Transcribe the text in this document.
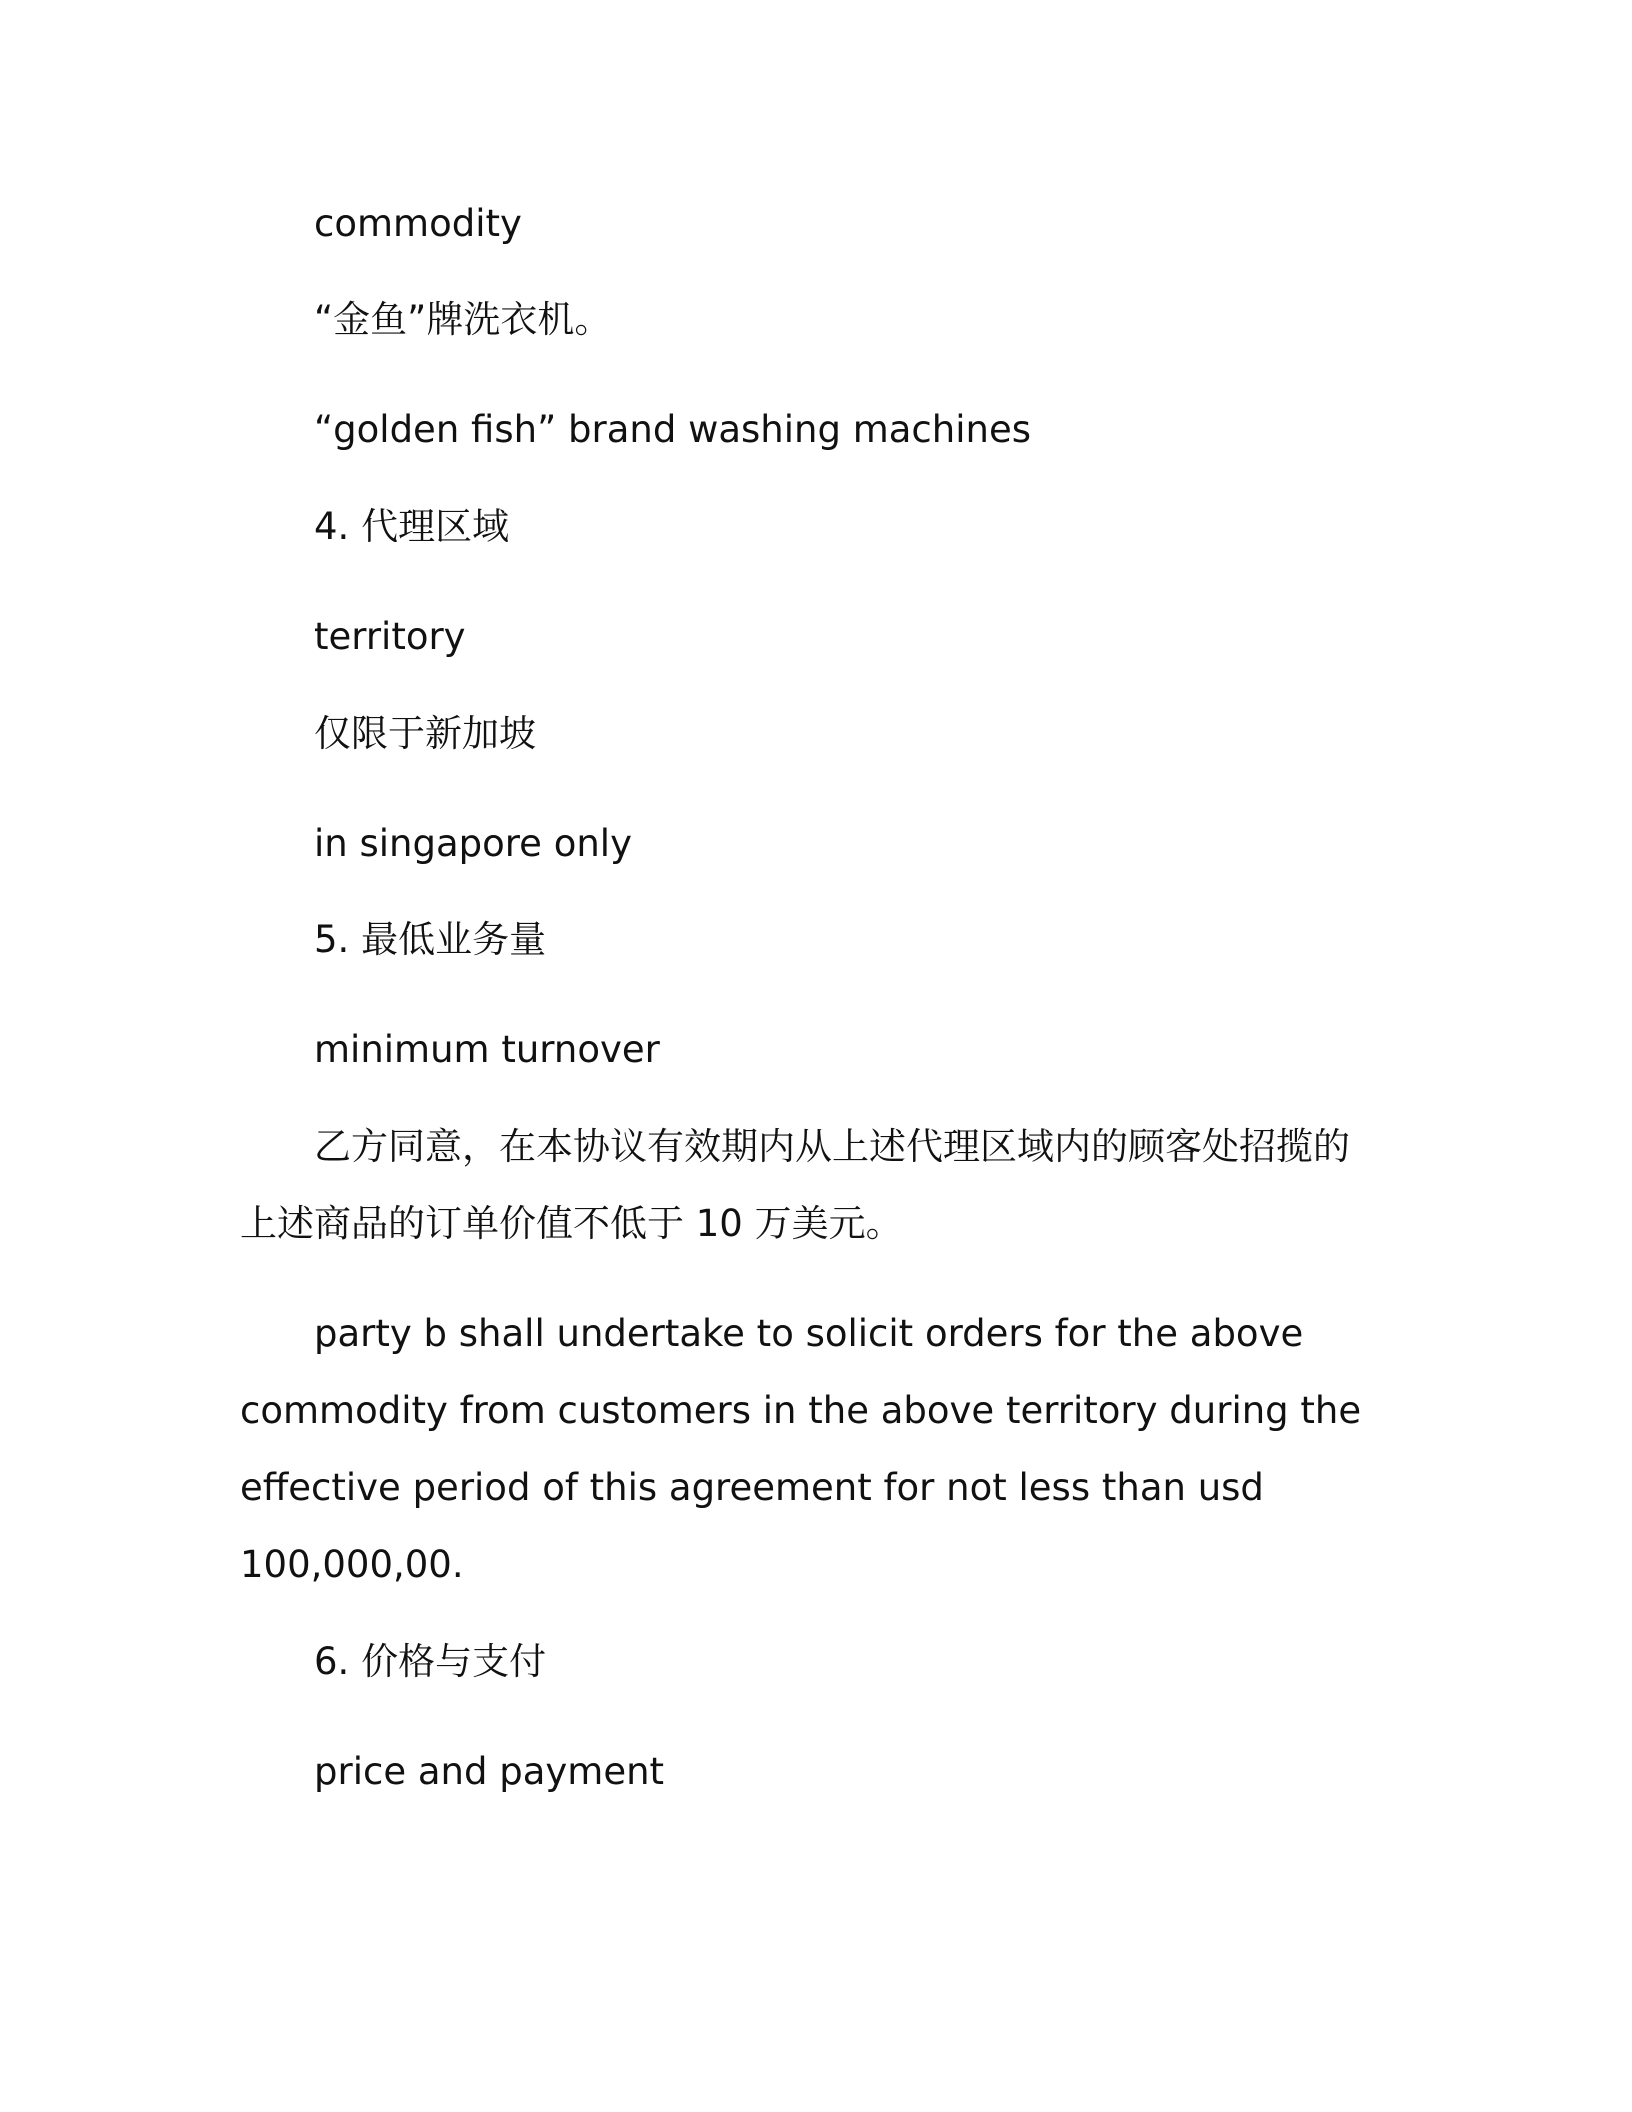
commodity
“金鱼”牌洗衣机。
“golden fish” brand washing machines
4. 代理区域
territory
仅限于新加坡
in singapore only
5. 最低业务量
minimum turnover
乙方同意，在本协议有效期内从上述代理区域内的顾客处招揽的
上述商品的订单价值不低于 10 万美元。
party b shall undertake to solicit orders for the above
commodity from customers in the above territory during the
effective period of this agreement for not less than usd
100,000,00.
6. 价格与支付
price and payment
